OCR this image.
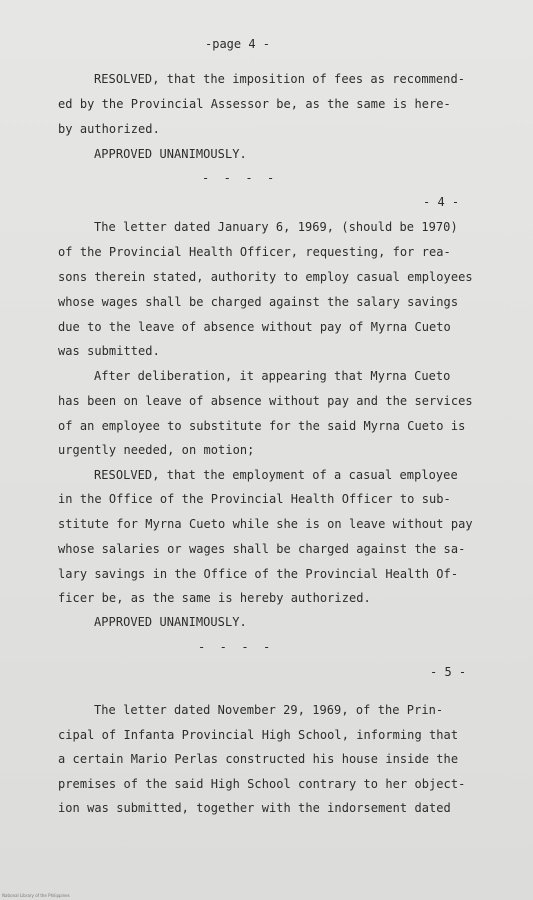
-page 4 -
RESOLVED, that the imposition of fees as recommend-
ed by the Provincial Assessor be, as the same is here-
by authorized.
APPROVED UNANIMOUSLY.
-  -  -  -
- 4 -
The letter dated January 6, 1969, (should be 1970)
of the Provincial Health Officer, requesting, for rea-
sons therein stated, authority to employ casual employees
whose wages shall be charged against the salary savings
due to the leave of absence without pay of Myrna Cueto
was submitted.
After deliberation, it appearing that Myrna Cueto
has been on leave of absence without pay and the services
of an employee to substitute for the said Myrna Cueto is
urgently needed, on motion;
RESOLVED, that the employment of a casual employee
in the Office of the Provincial Health Officer to sub-
stitute for Myrna Cueto while she is on leave without pay
whose salaries or wages shall be charged against the sa-
lary savings in the Office of the Provincial Health Of-
ficer be, as the same is hereby authorized.
APPROVED UNANIMOUSLY.
-  -  -  -
- 5 -
The letter dated November 29, 1969, of the Prin-
cipal of Infanta Provincial High School, informing that
a certain Mario Perlas constructed his house inside the
premises of the said High School contrary to her object-
ion was submitted, together with the indorsement dated
National Library of the Philippines
